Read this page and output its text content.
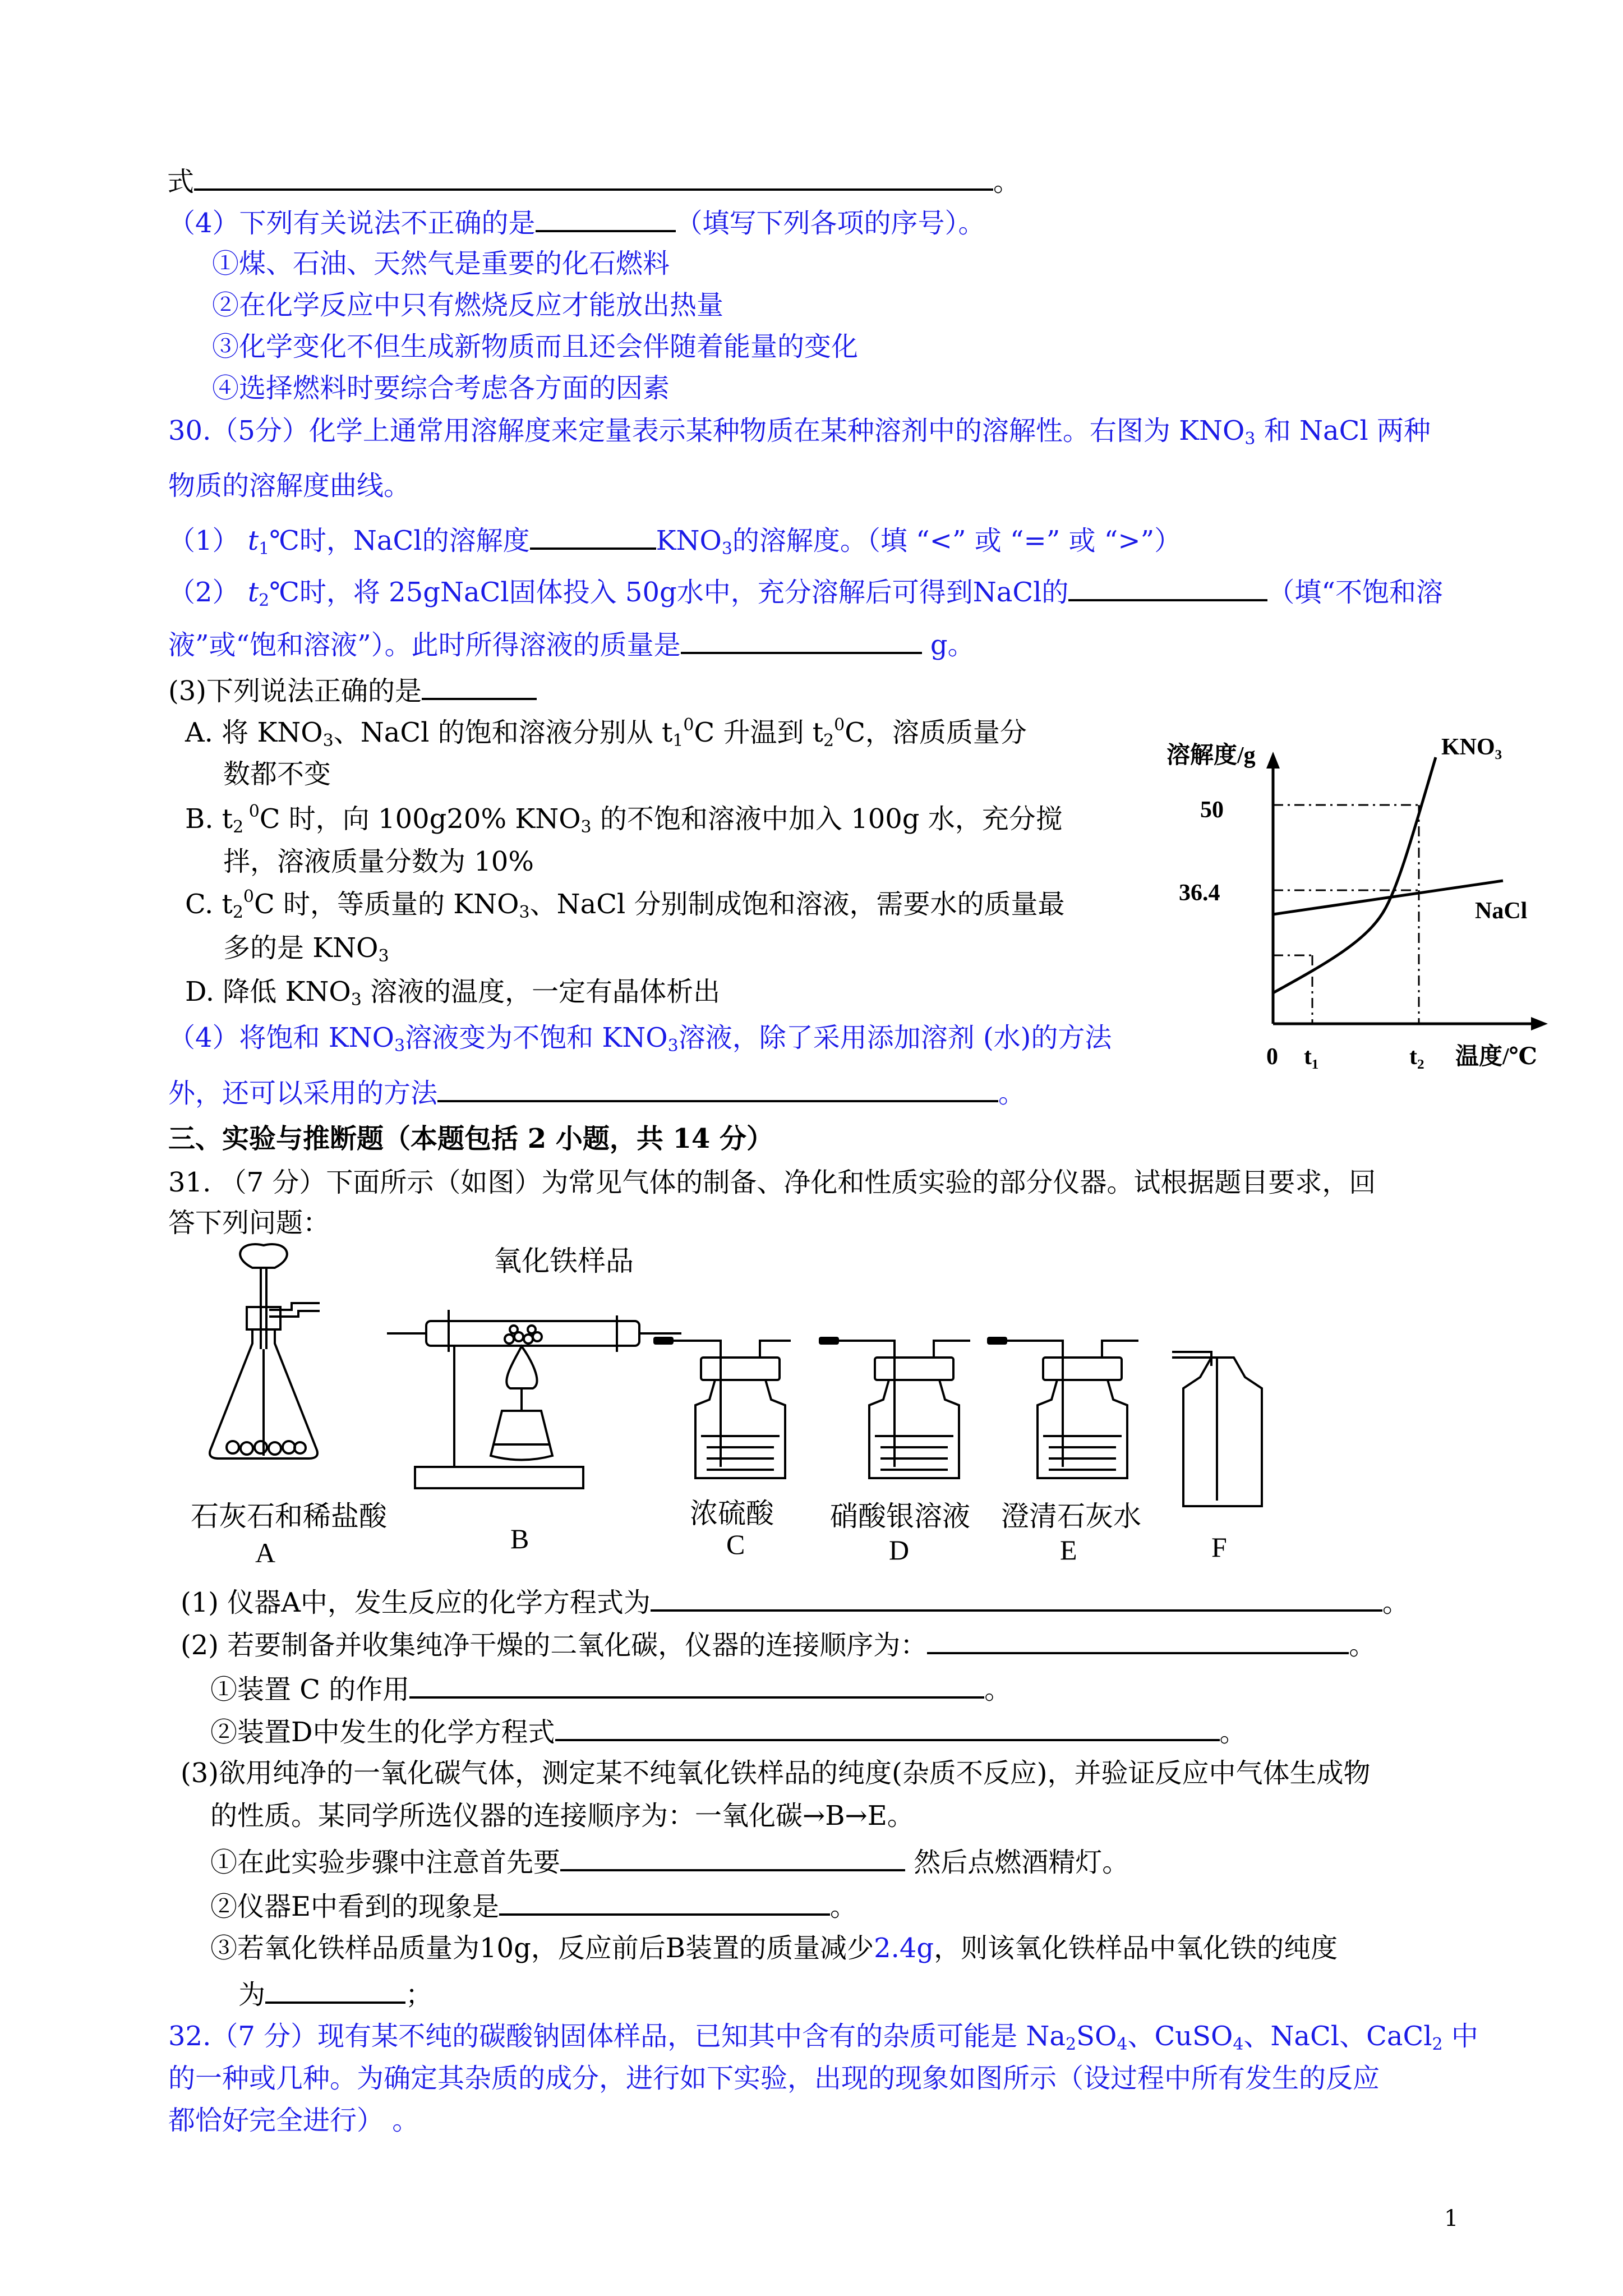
式	。
（4）下列有关说法不正确的是	（填写下列各项的序号）。
①煤、石油、天然气是重要的化石燃料
②在化学反应中只有燃烧反应才能放出热量
③化学变化不但生成新物质而且还会伴随着能量的变化
④选择燃料时要综合考虑各方面的因素
30.（5分）化学上通常用溶解度来定量表示某种物质在某种溶剂中的溶解性。右图为 $KNO_3$ 和 NaCl 两种
物质的溶解度曲线。
（1） $t_1℃$时，NaCl的溶解度	$KNO_3$的溶解度。（填 “<” 或 “=” 或 “>”）
（2） $t_2℃$时，将 25gNaCl固体投入 50g水中，充分溶解后可得到NaCl的	（填“不饱和溶
液”或“饱和溶液”）。此时所得溶液的质量是	g。
(3)下列说法正确的是
A. 将 $KNO_3$、NaCl 的饱和溶液分别从 $t_1^0C$ 升温到 $t_2^0C$，溶质质量分
数都不变
B. $t_2$ $^0$C 时，向 100g20% $KNO_3$ 的不饱和溶液中加入 100g 水，充分搅
拌，溶液质量分数为 10%
C. $t_2^0C$ 时，等质量的 $KNO_3$、NaCl 分别制成饱和溶液，需要水的质量最
多的是 $KNO_3$
D. 降低 $KNO_3$ 溶液的温度，一定有晶体析出
（4）将饱和 $KNO_3$溶液变为不饱和 $KNO_3$溶液，除了采用添加溶剂 (水)的方法
外，还可以采用的方法	。
溶解度/g
50
36.4
KNO₃
NaCl
0 t₁	t₂ 温度/℃
三、实验与推断题（本题包括 2 小题，共 14 分）
31. （7 分）下面所示（如图）为常见气体的制备、净化和性质实验的部分仪器。试根据题目要求，回
答下列问题：
氧化铁样品
石灰石和稀盐酸
A	B
浓硫酸
C
硝酸银溶液
D
澄清石灰水
E	F
(1) 仪器A中，发生反应的化学方程式为	。
(2) 若要制备并收集纯净干燥的二氧化碳，仪器的连接顺序为：	。
①装置 C 的作用	。
②装置D中发生的化学方程式	。
(3)欲用纯净的一氧化碳气体，测定某不纯氧化铁样品的纯度(杂质不反应)，并验证反应中气体生成物
的性质。某同学所选仪器的连接顺序为：一氧化碳→B→E。
①在此实验步骤中注意首先要	然后点燃酒精灯。
②仪器E中看到的现象是	。
③若氧化铁样品质量为10g，反应前后B装置的质量减少2.4g，则该氧化铁样品中氧化铁的纯度
为	；
32.（7 分）现有某不纯的碳酸钠固体样品，已知其中含有的杂质可能是 $Na_2SO_4$、CuSO$_4$、NaCl、CaCl$_2$ 中
的一种或几种。为确定其杂质的成分，进行如下实验，出现的现象如图所示（设过程中所有发生的反应
都恰好完全进行） 。
1
